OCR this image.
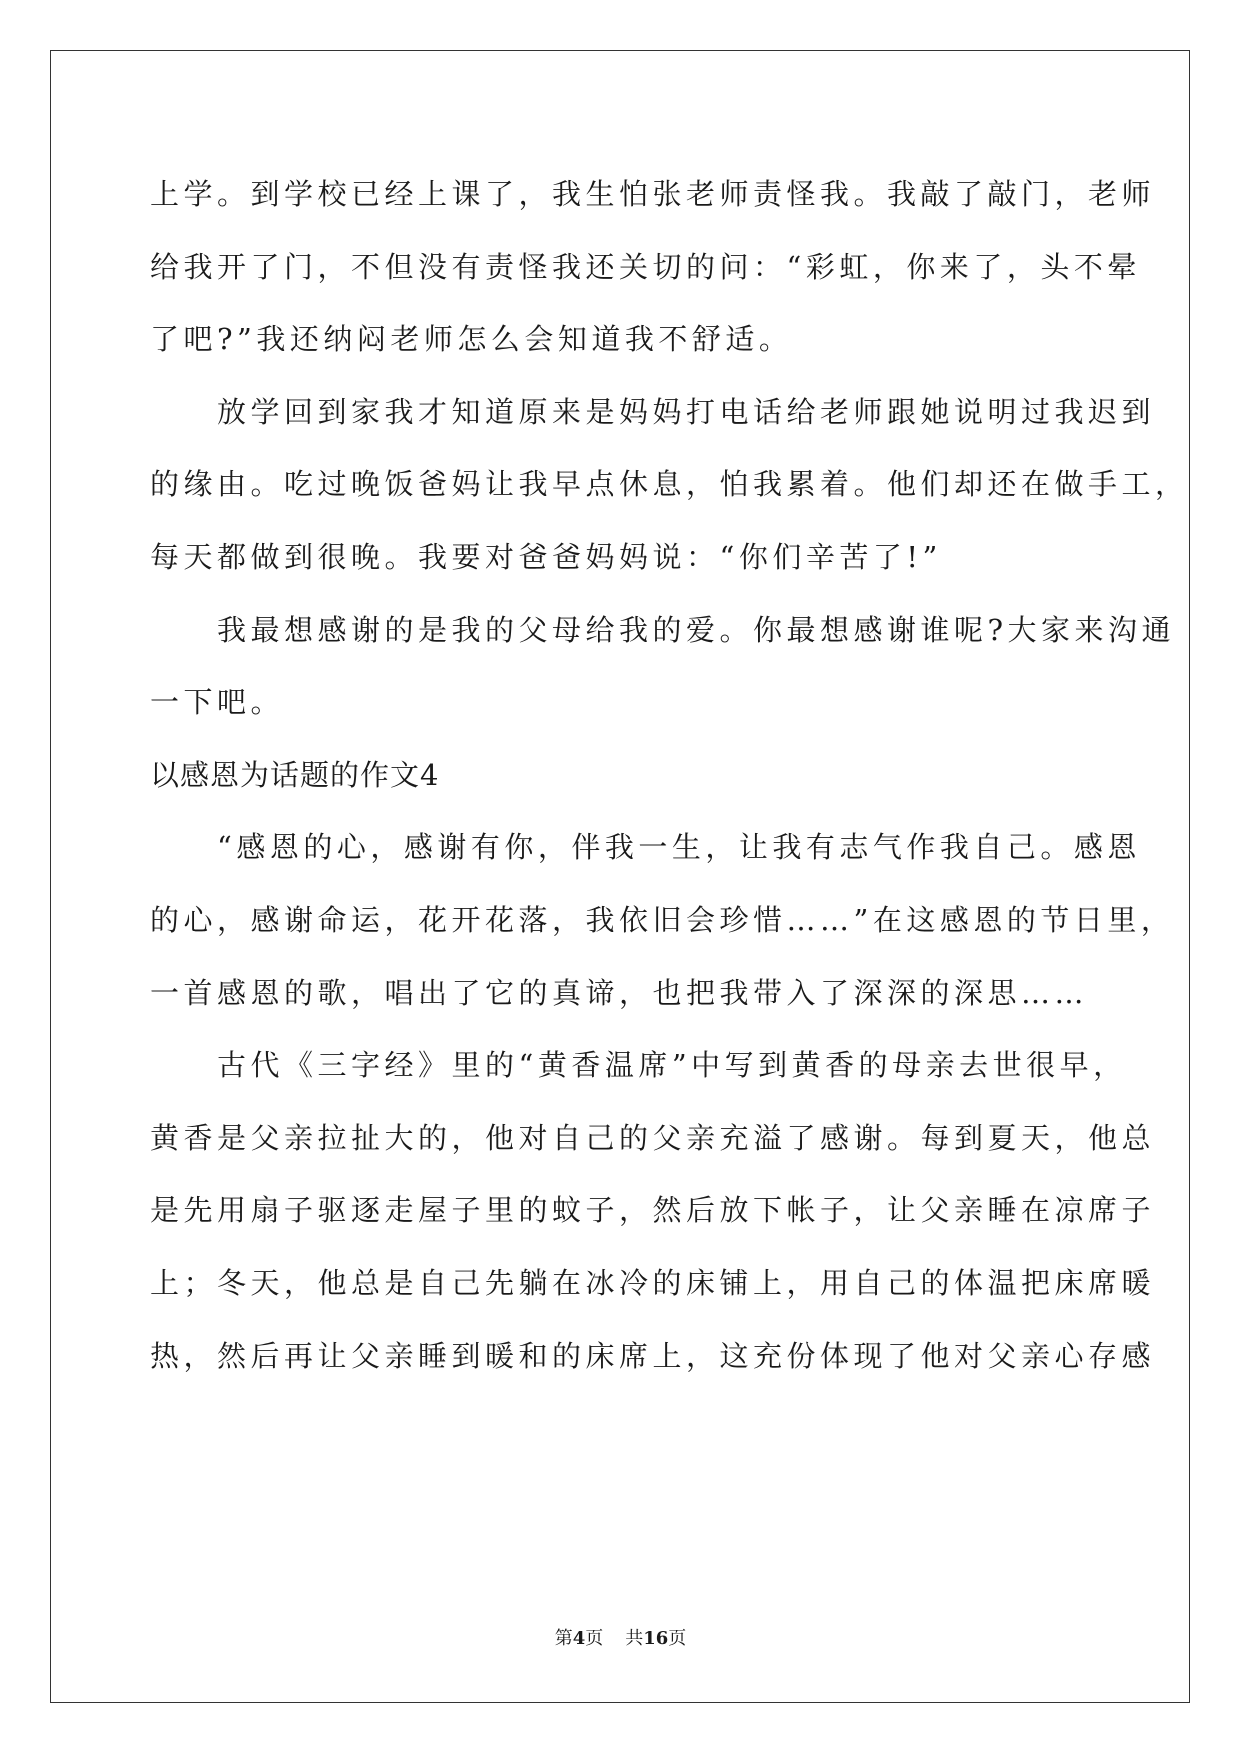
上学。到学校已经上课了，我生怕张老师责怪我。我敲了敲门，老师
给我开了门，不但没有责怪我还关切的问：“彩虹，你来了，头不晕
了吧?”我还纳闷老师怎么会知道我不舒适。
　　放学回到家我才知道原来是妈妈打电话给老师跟她说明过我迟到
的缘由。吃过晚饭爸妈让我早点休息，怕我累着。他们却还在做手工，
每天都做到很晚。我要对爸爸妈妈说：“你们辛苦了!”
　　我最想感谢的是我的父母给我的爱。你最想感谢谁呢?大家来沟通
一下吧。
以感恩为话题的作文4
　　“感恩的心，感谢有你，伴我一生，让我有志气作我自己。感恩
的心，感谢命运，花开花落，我依旧会珍惜……”在这感恩的节日里，
一首感恩的歌，唱出了它的真谛，也把我带入了深深的深思……
　　古代《三字经》里的“黄香温席”中写到黄香的母亲去世很早，
黄香是父亲拉扯大的，他对自己的父亲充溢了感谢。每到夏天，他总
是先用扇子驱逐走屋子里的蚊子，然后放下帐子，让父亲睡在凉席子
上；冬天，他总是自己先躺在冰冷的床铺上，用自己的体温把床席暖
热，然后再让父亲睡到暖和的床席上，这充份体现了他对父亲心存感
第4页 共16页
